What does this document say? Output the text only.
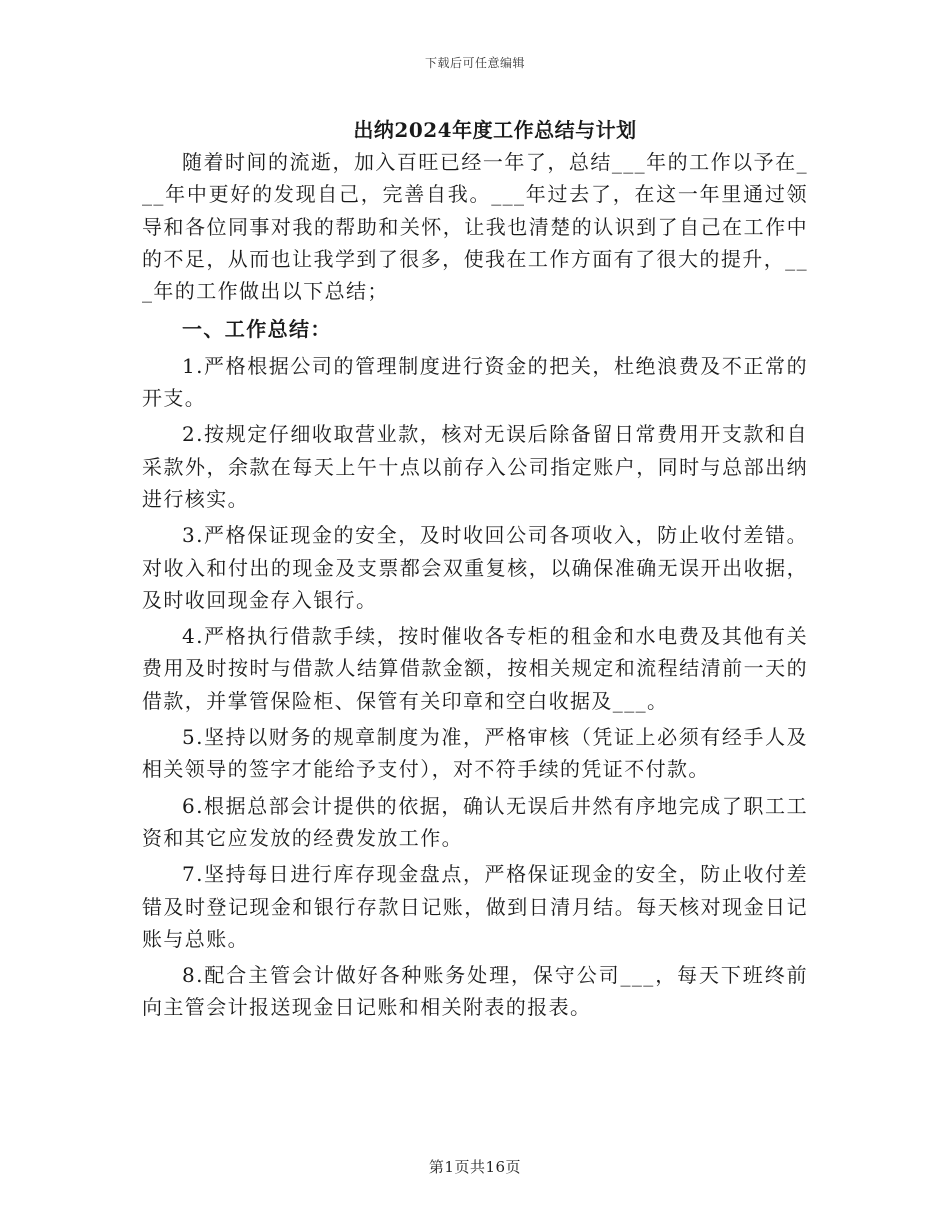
下载后可任意编辑
出纳2024年度工作总结与计划

随着时间的流逝，加入百旺已经一年了，总结___年的工作以予在___年中更好的发现自己，完善自我。___年过去了，在这一年里通过领导和各位同事对我的帮助和关怀，让我也清楚的认识到了自己在工作中的不足，从而也让我学到了很多，使我在工作方面有了很大的提升，___年的工作做出以下总结；

一、工作总结：

1.严格根据公司的管理制度进行资金的把关，杜绝浪费及不正常的开支。

2.按规定仔细收取营业款，核对无误后除备留日常费用开支款和自采款外，余款在每天上午十点以前存入公司指定账户，同时与总部出纳进行核实。

3.严格保证现金的安全，及时收回公司各项收入，防止收付差错。对收入和付出的现金及支票都会双重复核，以确保准确无误开出收据，及时收回现金存入银行。

4.严格执行借款手续，按时催收各专柜的租金和水电费及其他有关费用及时按时与借款人结算借款金额，按相关规定和流程结清前一天的借款，并掌管保险柜、保管有关印章和空白收据及___。

5.坚持以财务的规章制度为准，严格审核（凭证上必须有经手人及相关领导的签字才能给予支付），对不符手续的凭证不付款。

6.根据总部会计提供的依据，确认无误后井然有序地完成了职工工资和其它应发放的经费发放工作。

7.坚持每日进行库存现金盘点，严格保证现金的安全，防止收付差错及时登记现金和银行存款日记账，做到日清月结。每天核对现金日记账与总账。

8.配合主管会计做好各种账务处理，保守公司___，每天下班终前向主管会计报送现金日记账和相关附表的报表。

第1页共16页
